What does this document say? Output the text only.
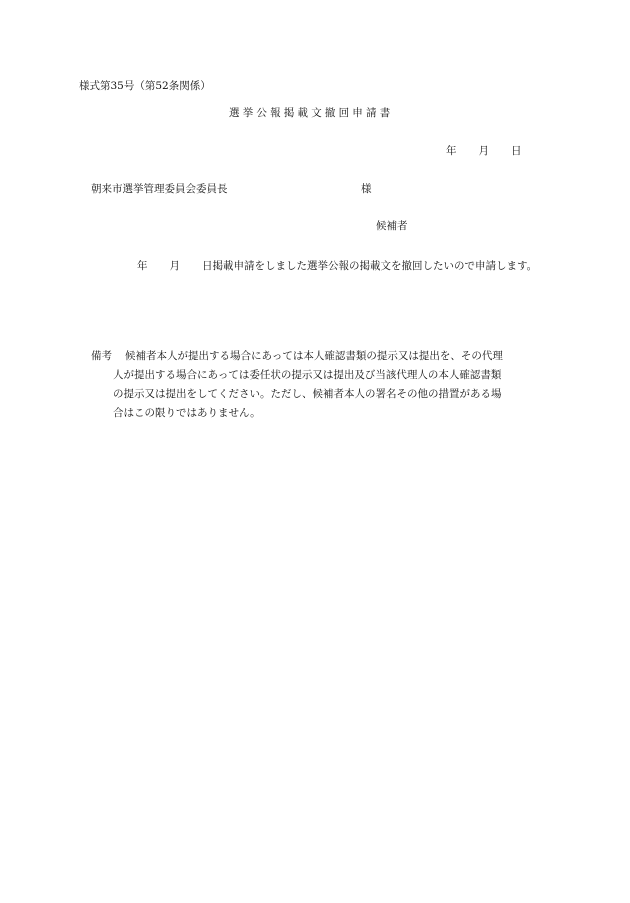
様式第35号（第52条関係）
選挙公報掲載文撤回申請書
年 月 日
朝来市選挙管理委員会委員長	様
候補者
年 月 日掲載申請をしました選挙公報の掲載文を撤回したいので申請します。
備考 候補者本人が提出する場合にあっては本人確認書類の提示又は提出を、その代理
人が提出する場合にあっては委任状の提示又は提出及び当該代理人の本人確認書類
の提示又は提出をしてください。ただし、候補者本人の署名その他の措置がある場
合はこの限りではありません。
